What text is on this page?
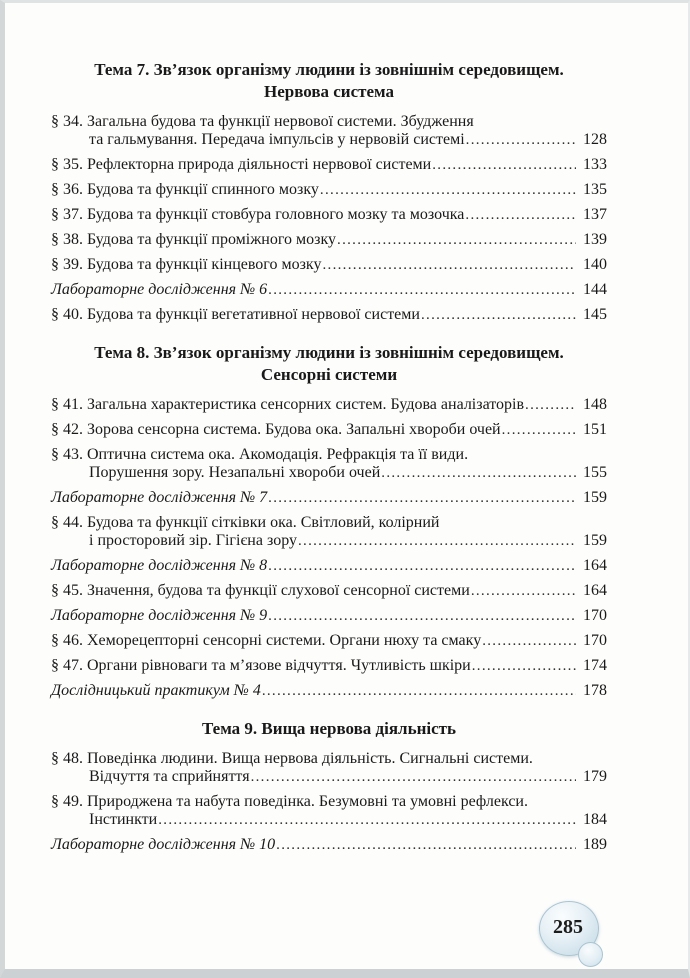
Тема 7. Зв’язок організму людини із зовнішнім середовищем.
Нервова система
§ 34. Загальна будова та функції нервової системи. Збудження
та гальмування. Передача імпульсів у нервовій системі .....	128
§ 35. Рефлекторна природа діяльності нервової системи .....	133
§ 36. Будова та функції спинного мозку .....	135
§ 37. Будова та функції стовбура головного мозку та мозочка .....	137
§ 38. Будова та функції проміжного мозку .....	139
§ 39. Будова та функції кінцевого мозку .....	140
Лабораторне дослідження № 6 .....	144
§ 40. Будова та функції вегетативної нервової системи .....	145
Тема 8. Зв’язок організму людини із зовнішнім середовищем.
Сенсорні системи
§ 41. Загальна характеристика сенсорних систем. Будова аналізаторів .....	148
§ 42. Зорова сенсорна система. Будова ока. Запальні хвороби очей .....	151
§ 43. Оптична система ока. Акомодація. Рефракція та її види.
Порушення зору. Незапальні хвороби очей .....	155
Лабораторне дослідження № 7 .....	159
§ 44. Будова та функції сітківки ока. Світловий, колірний
і просторовий зір. Гігієна зору .....	159
Лабораторне дослідження № 8 .....	164
§ 45. Значення, будова та функції слухової сенсорної системи .....	164
Лабораторне дослідження № 9 .....	170
§ 46. Хеморецепторні сенсорні системи. Органи нюху та смаку .....	170
§ 47. Органи рівноваги та м’язове відчуття. Чутливість шкіри .....	174
Дослідницький практикум № 4 .....	178
Тема 9. Вища нервова діяльність
§ 48. Поведінка людини. Вища нервова діяльність. Сигнальні системи.
Відчуття та сприйняття .....	179
§ 49. Природжена та набута поведінка. Безумовні та умовні рефлекси.
Інстинкти .....	184
Лабораторне дослідження № 10 .....	189
285
